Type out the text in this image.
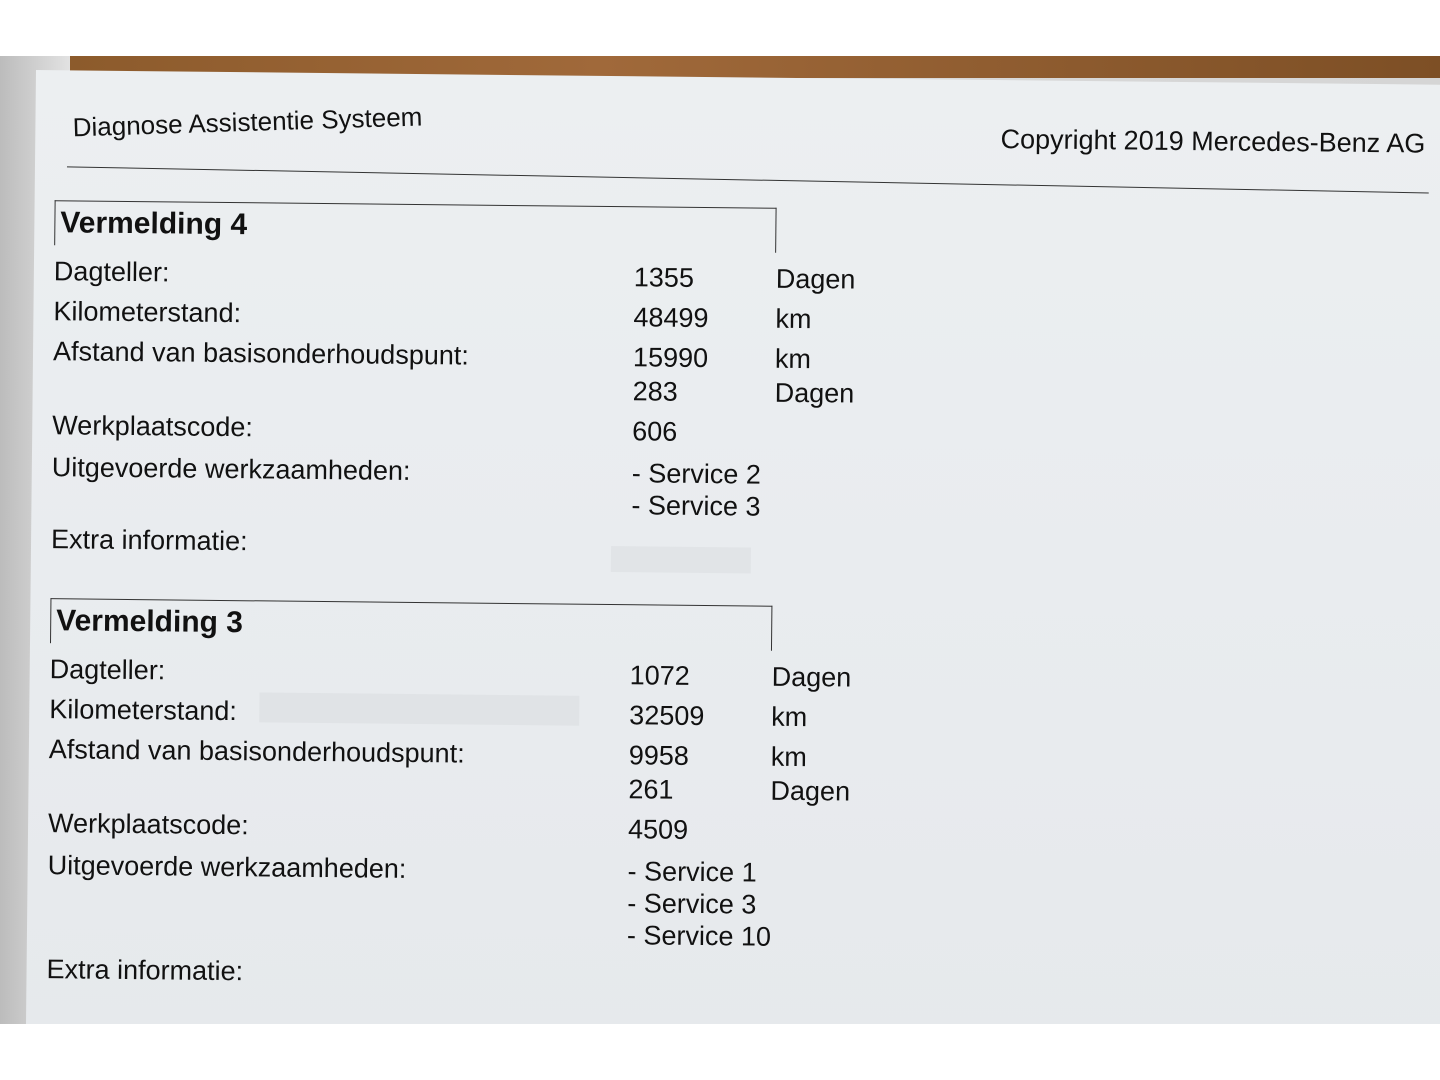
Diagnose Assistentie Systeem	Copyright 2019 Mercedes-Benz AG
Vermelding 4
Dagteller:	1355	Dagen
Kilometerstand:	48499 km
Afstand van basisonderhoudspunt:	15990 km
283	Dagen
Werkplaatscode:	606
Uitgevoerde werkzaamheden:	- Service 2
- Service 3
Extra informatie:
Vermelding 3
Dagteller:	1072	Dagen
Kilometerstand:	32509 km
Afstand van basisonderhoudspunt:	9958	km
261	Dagen
Werkplaatscode:	4509
Uitgevoerde werkzaamheden:	- Service 1
- Service 3
- Service 10
Extra informatie:
